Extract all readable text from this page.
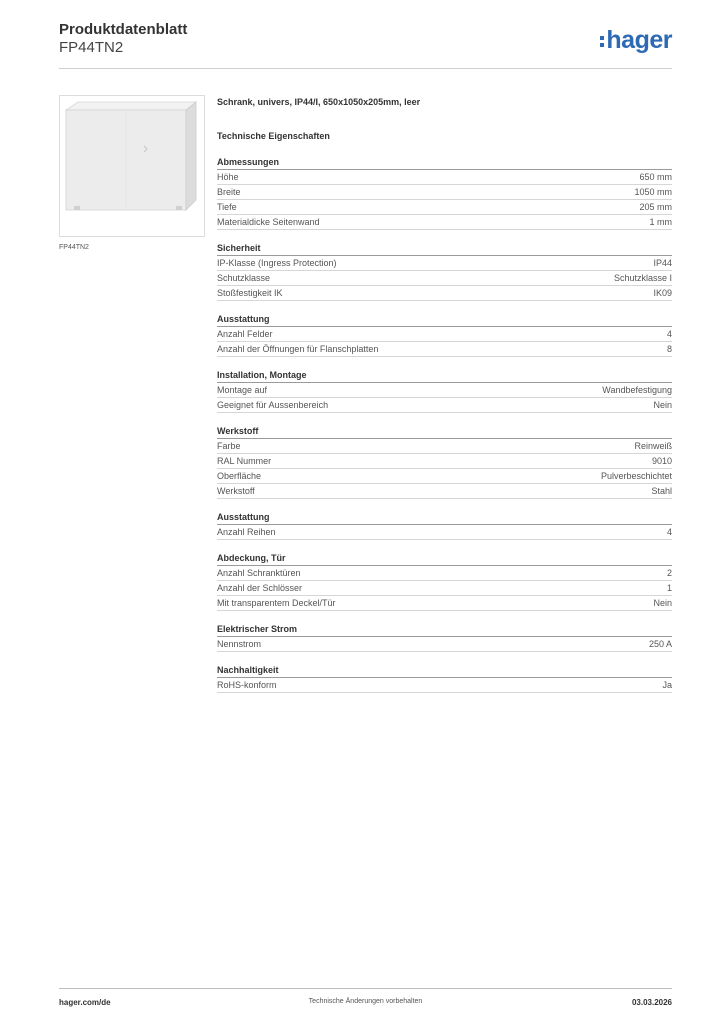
Produktdatenblatt
FP44TN2	hager
FP44TN2
Schrank, univers, IP44/I, 650x1050x205mm, leer
Technische Eigenschaften
Abmessungen
Höhe	650 mm
Breite	1050 mm
Tiefe	205 mm
Materialdicke Seitenwand	1 mm
Sicherheit
IP-Klasse (Ingress Protection)	IP44
Schutzklasse	Schutzklasse I
Stoßfestigkeit IK	IK09
Ausstattung
Anzahl Felder	4
Anzahl der Öffnungen für Flanschplatten	8
Installation, Montage
Montage auf	Wandbefestigung
Geeignet für Aussenbereich	Nein
Werkstoff
Farbe	Reinweiß
RAL Nummer	9010
Oberfläche	Pulverbeschichtet
Werkstoff	Stahl
Ausstattung
Anzahl Reihen	4
Abdeckung, Tür
Anzahl Schranktüren	2
Anzahl der Schlösser	1
Mit transparentem Deckel/Tür	Nein
Elektrischer Strom
Nennstrom	250 A
Nachhaltigkeit
RoHS-konform	Ja
hager.com/de	Technische Änderungen vorbehalten	03.03.2026
